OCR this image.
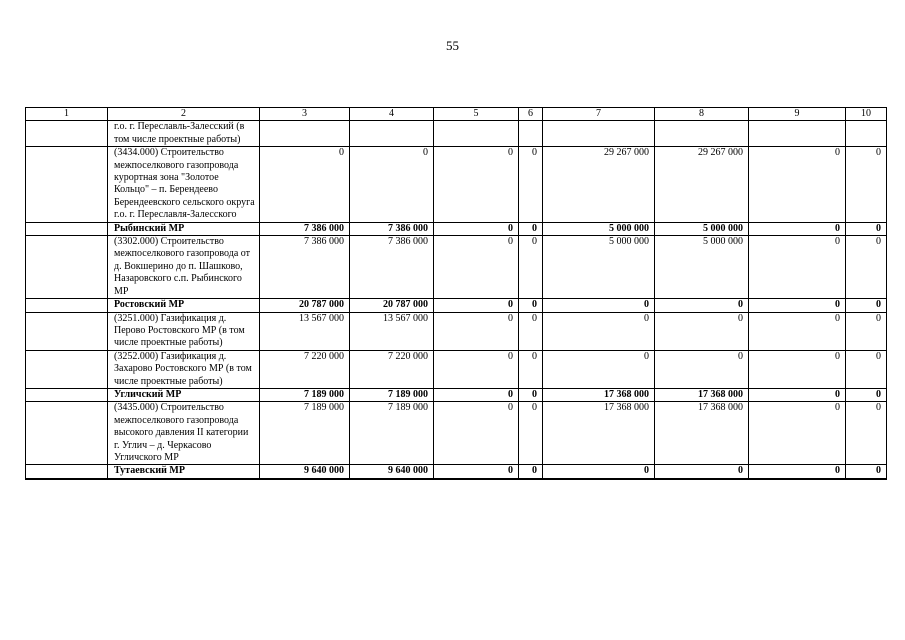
55
1	2	3	4	5	6	7	8	9	10
	г.о. г. Переславль-Залесский (в том числе проектные работы)								
	(3434.000) Строительство межпоселкового газопровода курортная зона "Золотое Кольцо" – п. Берендеево Берендеевского сельского округа г.о. г. Переславля-Залесского	0	0	0	0	29 267 000	29 267 000	0	0
	Рыбинский МР	7 386 000	7 386 000	0	0	5 000 000	5 000 000	0	0
	(3302.000) Строительство межпоселкового газопровода от д. Вокшерино до п. Шашково, Назаровского с.п. Рыбинского МР	7 386 000	7 386 000	0	0	5 000 000	5 000 000	0	0
	Ростовский МР	20 787 000	20 787 000	0	0	0	0	0	0
	(3251.000) Газификация д. Перово Ростовского МР (в том числе проектные работы)	13 567 000	13 567 000	0	0	0	0	0	0
	(3252.000) Газификация д. Захарово Ростовского МР (в том числе проектные работы)	7 220 000	7 220 000	0	0	0	0	0	0
	Угличский МР	7 189 000	7 189 000	0	0	17 368 000	17 368 000	0	0
	(3435.000) Строительство межпоселкового газопровода высокого давления II категории г. Углич – д. Черкасово Угличского МР	7 189 000	7 189 000	0	0	17 368 000	17 368 000	0	0
	Тутаевский МР	9 640 000	9 640 000	0	0	0	0	0	0
